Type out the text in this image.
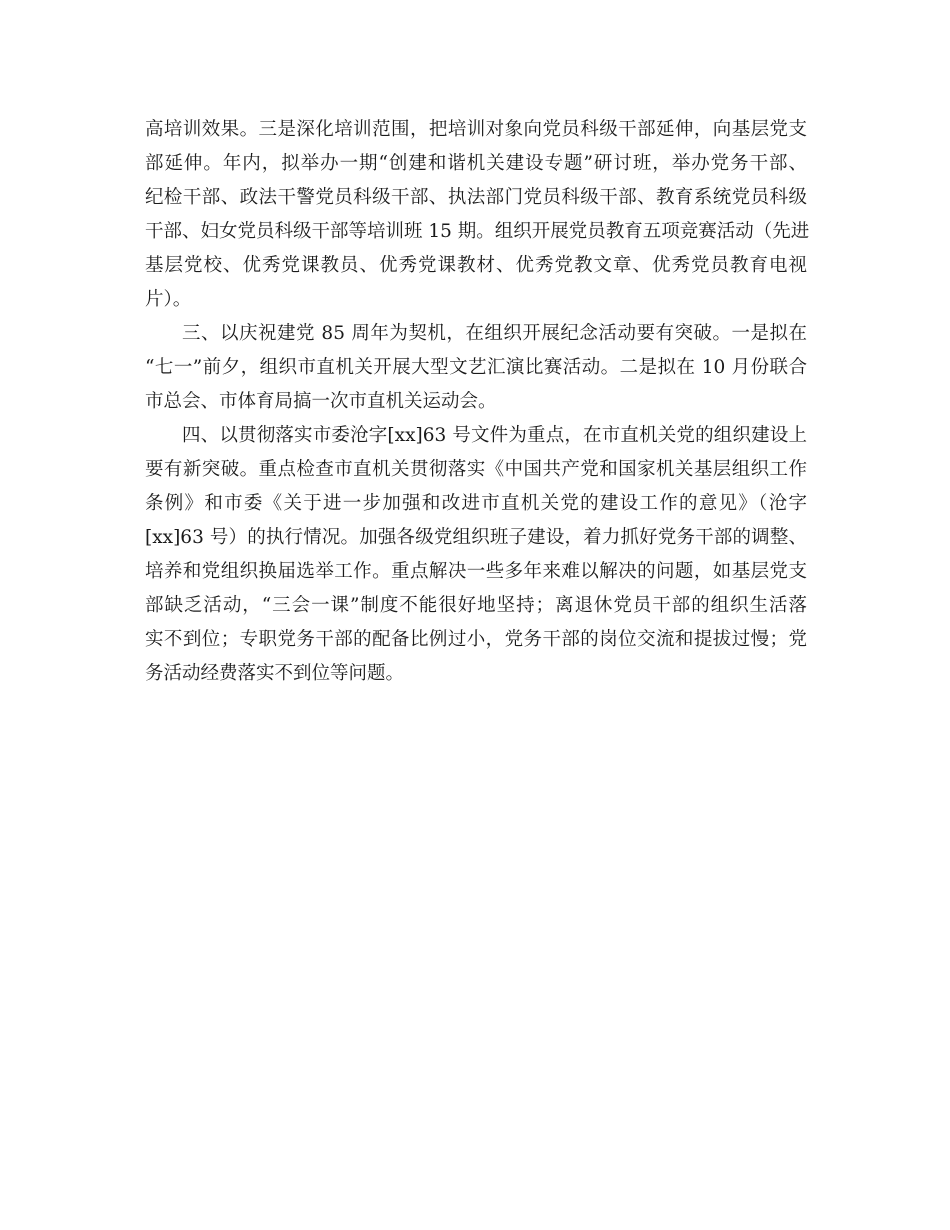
高培训效果。三是深化培训范围，把培训对象向党员科级干部延伸，向基层党支
部延伸。年内，拟举办一期“创建和谐机关建设专题”研讨班，举办党务干部、
纪检干部、政法干警党员科级干部、执法部门党员科级干部、教育系统党员科级
干部、妇女党员科级干部等培训班 15 期。组织开展党员教育五项竞赛活动（先进
基层党校、优秀党课教员、优秀党课教材、优秀党教文章、优秀党员教育电视
片）。
三、以庆祝建党 85 周年为契机，在组织开展纪念活动要有突破。一是拟在
“七一”前夕，组织市直机关开展大型文艺汇演比赛活动。二是拟在 10 月份联合
市总会、市体育局搞一次市直机关运动会。
四、以贯彻落实市委沧字[xx]63 号文件为重点，在市直机关党的组织建设上
要有新突破。重点检查市直机关贯彻落实《中国共产党和国家机关基层组织工作
条例》和市委《关于进一步加强和改进市直机关党的建设工作的意见》（沧字
[xx]63 号）的执行情况。加强各级党组织班子建设，着力抓好党务干部的调整、
培养和党组织换届选举工作。重点解决一些多年来难以解决的问题，如基层党支
部缺乏活动，“三会一课”制度不能很好地坚持；离退休党员干部的组织生活落
实不到位；专职党务干部的配备比例过小，党务干部的岗位交流和提拔过慢；党
务活动经费落实不到位等问题。
